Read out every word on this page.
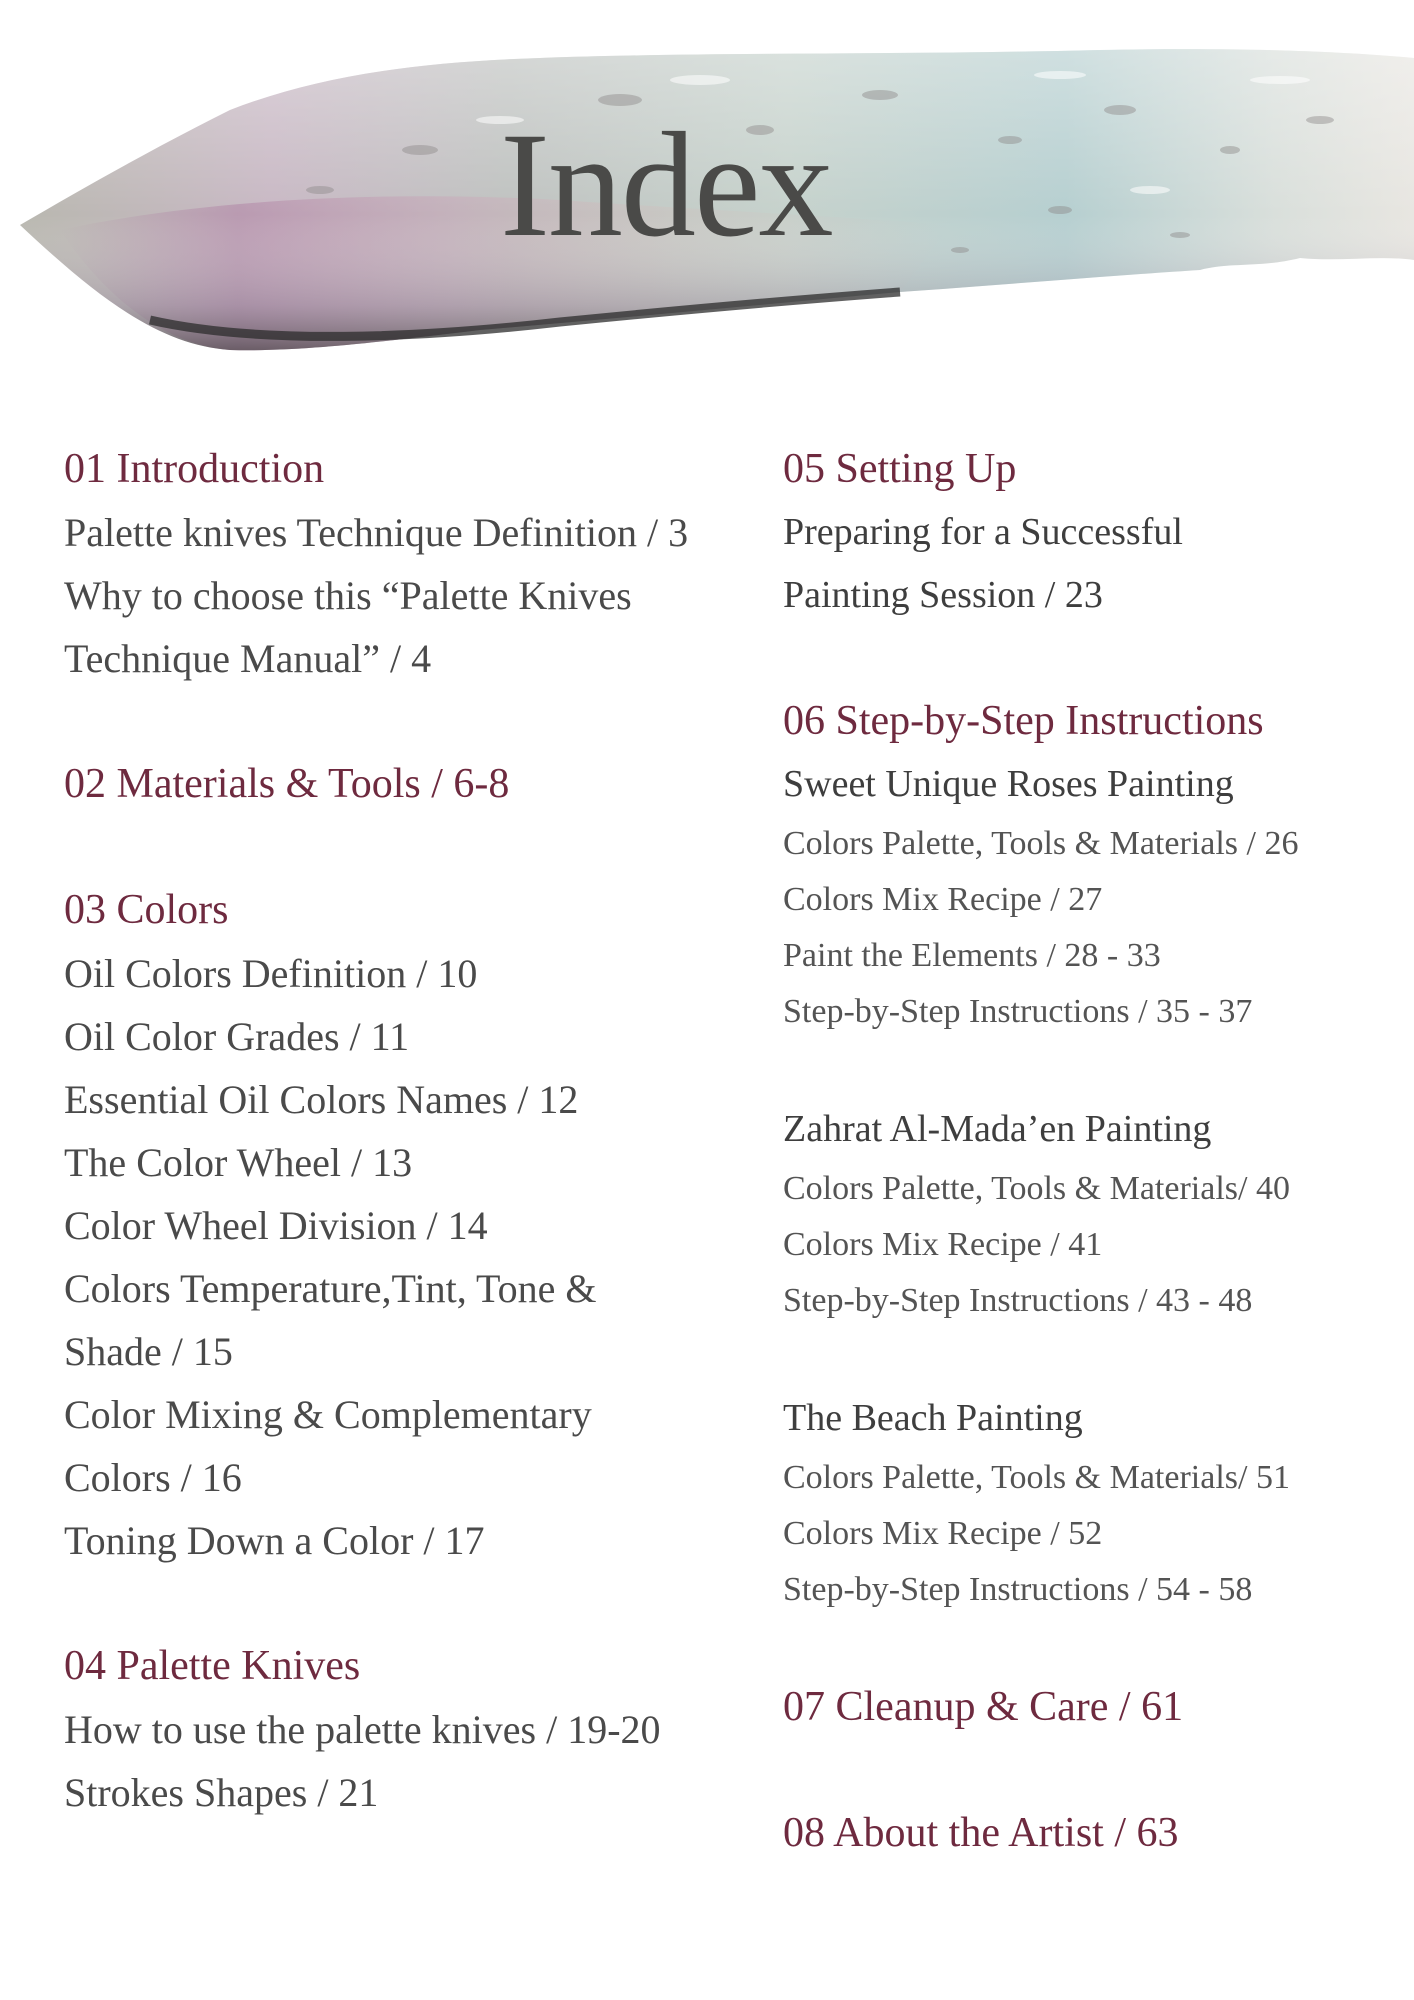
Index
01 Introduction
Palette knives Technique Definition / 3
Why to choose this “Palette Knives
Technique Manual” / 4
02 Materials & Tools / 6-8
03 Colors
Oil Colors Definition / 10
Oil Color Grades / 11
Essential Oil Colors Names / 12
The Color Wheel / 13
Color Wheel Division / 14
Colors Temperature,Tint, Tone &
Shade / 15
Color Mixing & Complementary
Colors / 16
Toning Down a Color / 17
04 Palette Knives
How to use the palette knives / 19-20
Strokes Shapes / 21
05 Setting Up
Preparing for a Successful
Painting Session / 23
06 Step-by-Step Instructions
Sweet Unique Roses Painting
Colors Palette, Tools & Materials / 26
Colors Mix Recipe / 27
Paint the Elements / 28 - 33
Step-by-Step Instructions / 35 - 37
Zahrat Al-Mada’en Painting
Colors Palette, Tools & Materials/ 40
Colors Mix Recipe / 41
Step-by-Step Instructions / 43 - 48
The Beach Painting
Colors Palette, Tools & Materials/ 51
Colors Mix Recipe / 52
Step-by-Step Instructions / 54 - 58
07 Cleanup & Care / 61
08 About the Artist / 63
